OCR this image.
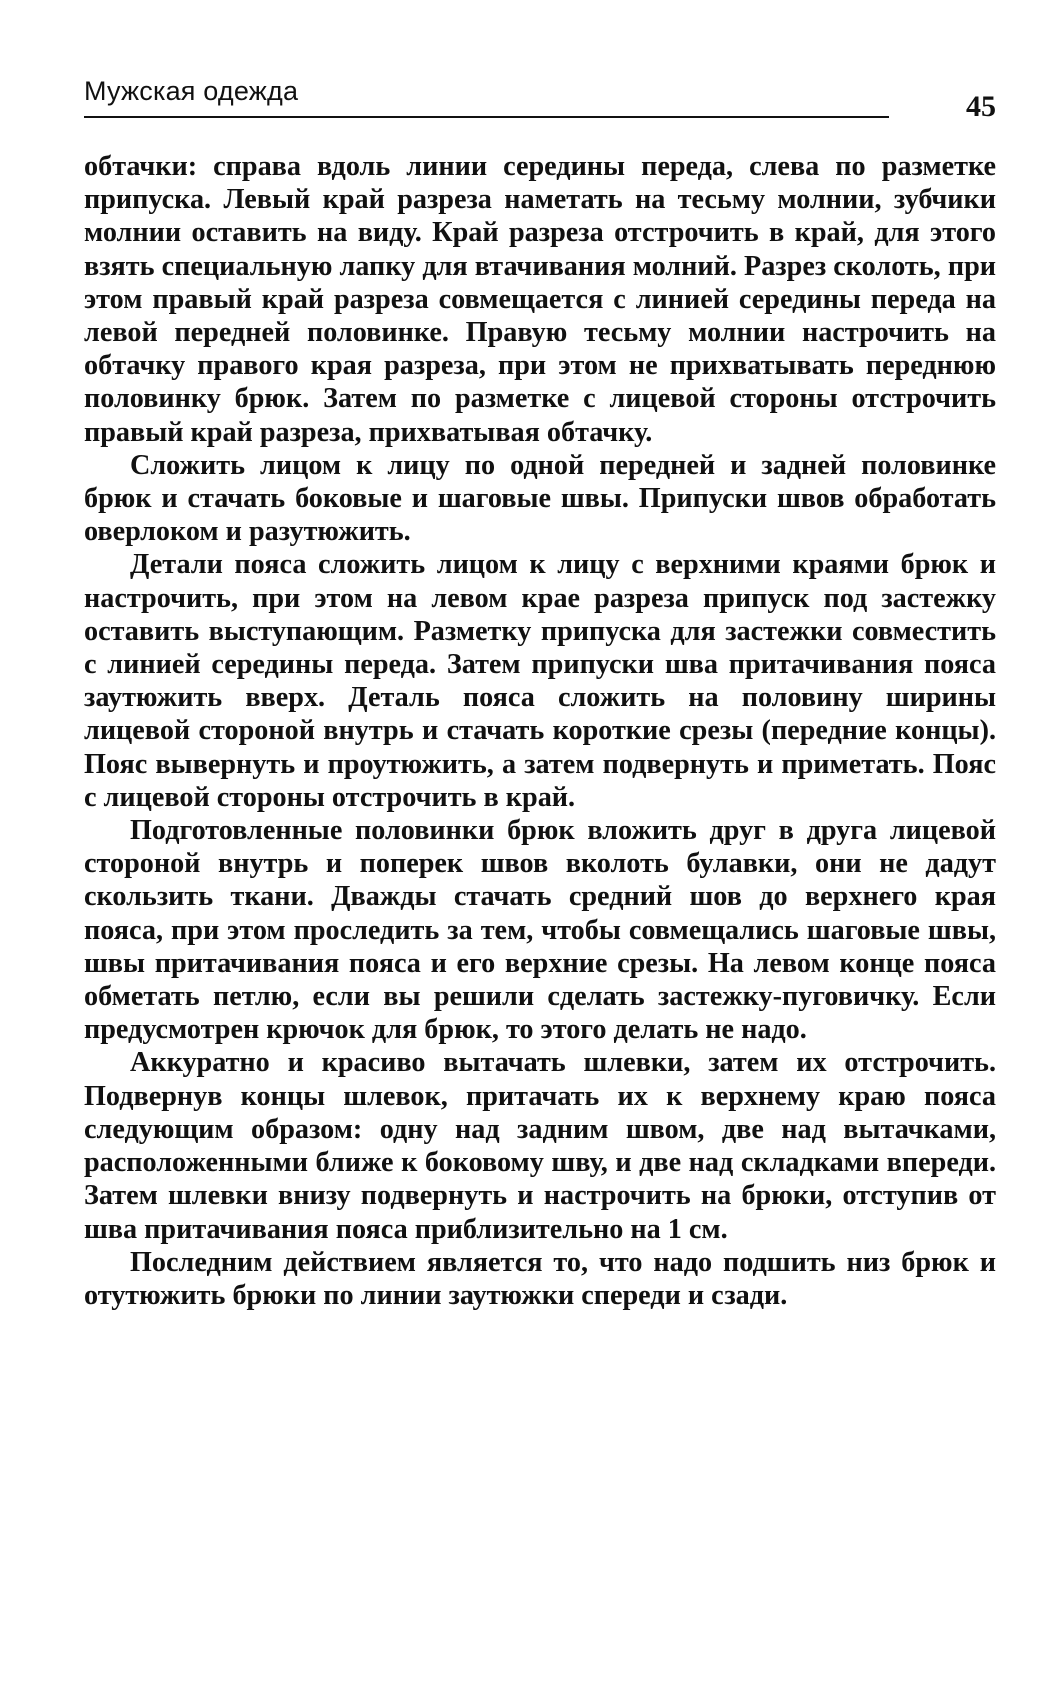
Мужская одежда	45

обтачки: справа вдоль линии середины переда, слева по разметке припуска. Левый край разреза наметать на тесьму молнии, зубчики молнии оставить на виду. Край разреза отстрочить в край, для этого взять специальную лапку для втачивания молний. Разрез сколоть, при этом правый край разреза совмещается с линией середины переда на левой передней половинке. Правую тесьму молнии настрочить на обтачку правого края разреза, при этом не прихватывать переднюю половинку брюк. Затем по разметке с лицевой стороны отстрочить правый край разреза, прихватывая обтачку.

Сложить лицом к лицу по одной передней и задней половинке брюк и стачать боковые и шаговые швы. Припуски швов обработать оверлоком и разутюжить.

Детали пояса сложить лицом к лицу с верхними краями брюк и настрочить, при этом на левом крае разреза припуск под застежку оставить выступающим. Разметку припуска для застежки совместить с линией середины переда. Затем припуски шва притачивания пояса заутюжить вверх. Деталь пояса сложить на половину ширины лицевой стороной внутрь и стачать короткие срезы (передние концы). Пояс вывернуть и проутюжить, а затем подвернуть и приметать. Пояс с лицевой стороны отстрочить в край.

Подготовленные половинки брюк вложить друг в друга лицевой стороной внутрь и поперек швов вколоть булавки, они не дадут скользить ткани. Дважды стачать средний шов до верхнего края пояса, при этом проследить за тем, чтобы совмещались шаговые швы, швы притачивания пояса и его верхние срезы. На левом конце пояса обметать петлю, если вы решили сделать застежку-пуговичку. Если предусмотрен крючок для брюк, то этого делать не надо.

Аккуратно и красиво вытачать шлевки, затем их отстрочить. Подвернув концы шлевок, притачать их к верхнему краю пояса следующим образом: одну над задним швом, две над вытачками, расположенными ближе к боковому шву, и две над складками впереди. Затем шлевки внизу подвернуть и настрочить на брюки, отступив от шва притачивания пояса приблизительно на 1 см.

Последним действием является то, что надо подшить низ брюк и отутюжить брюки по линии заутюжки спереди и сзади.
